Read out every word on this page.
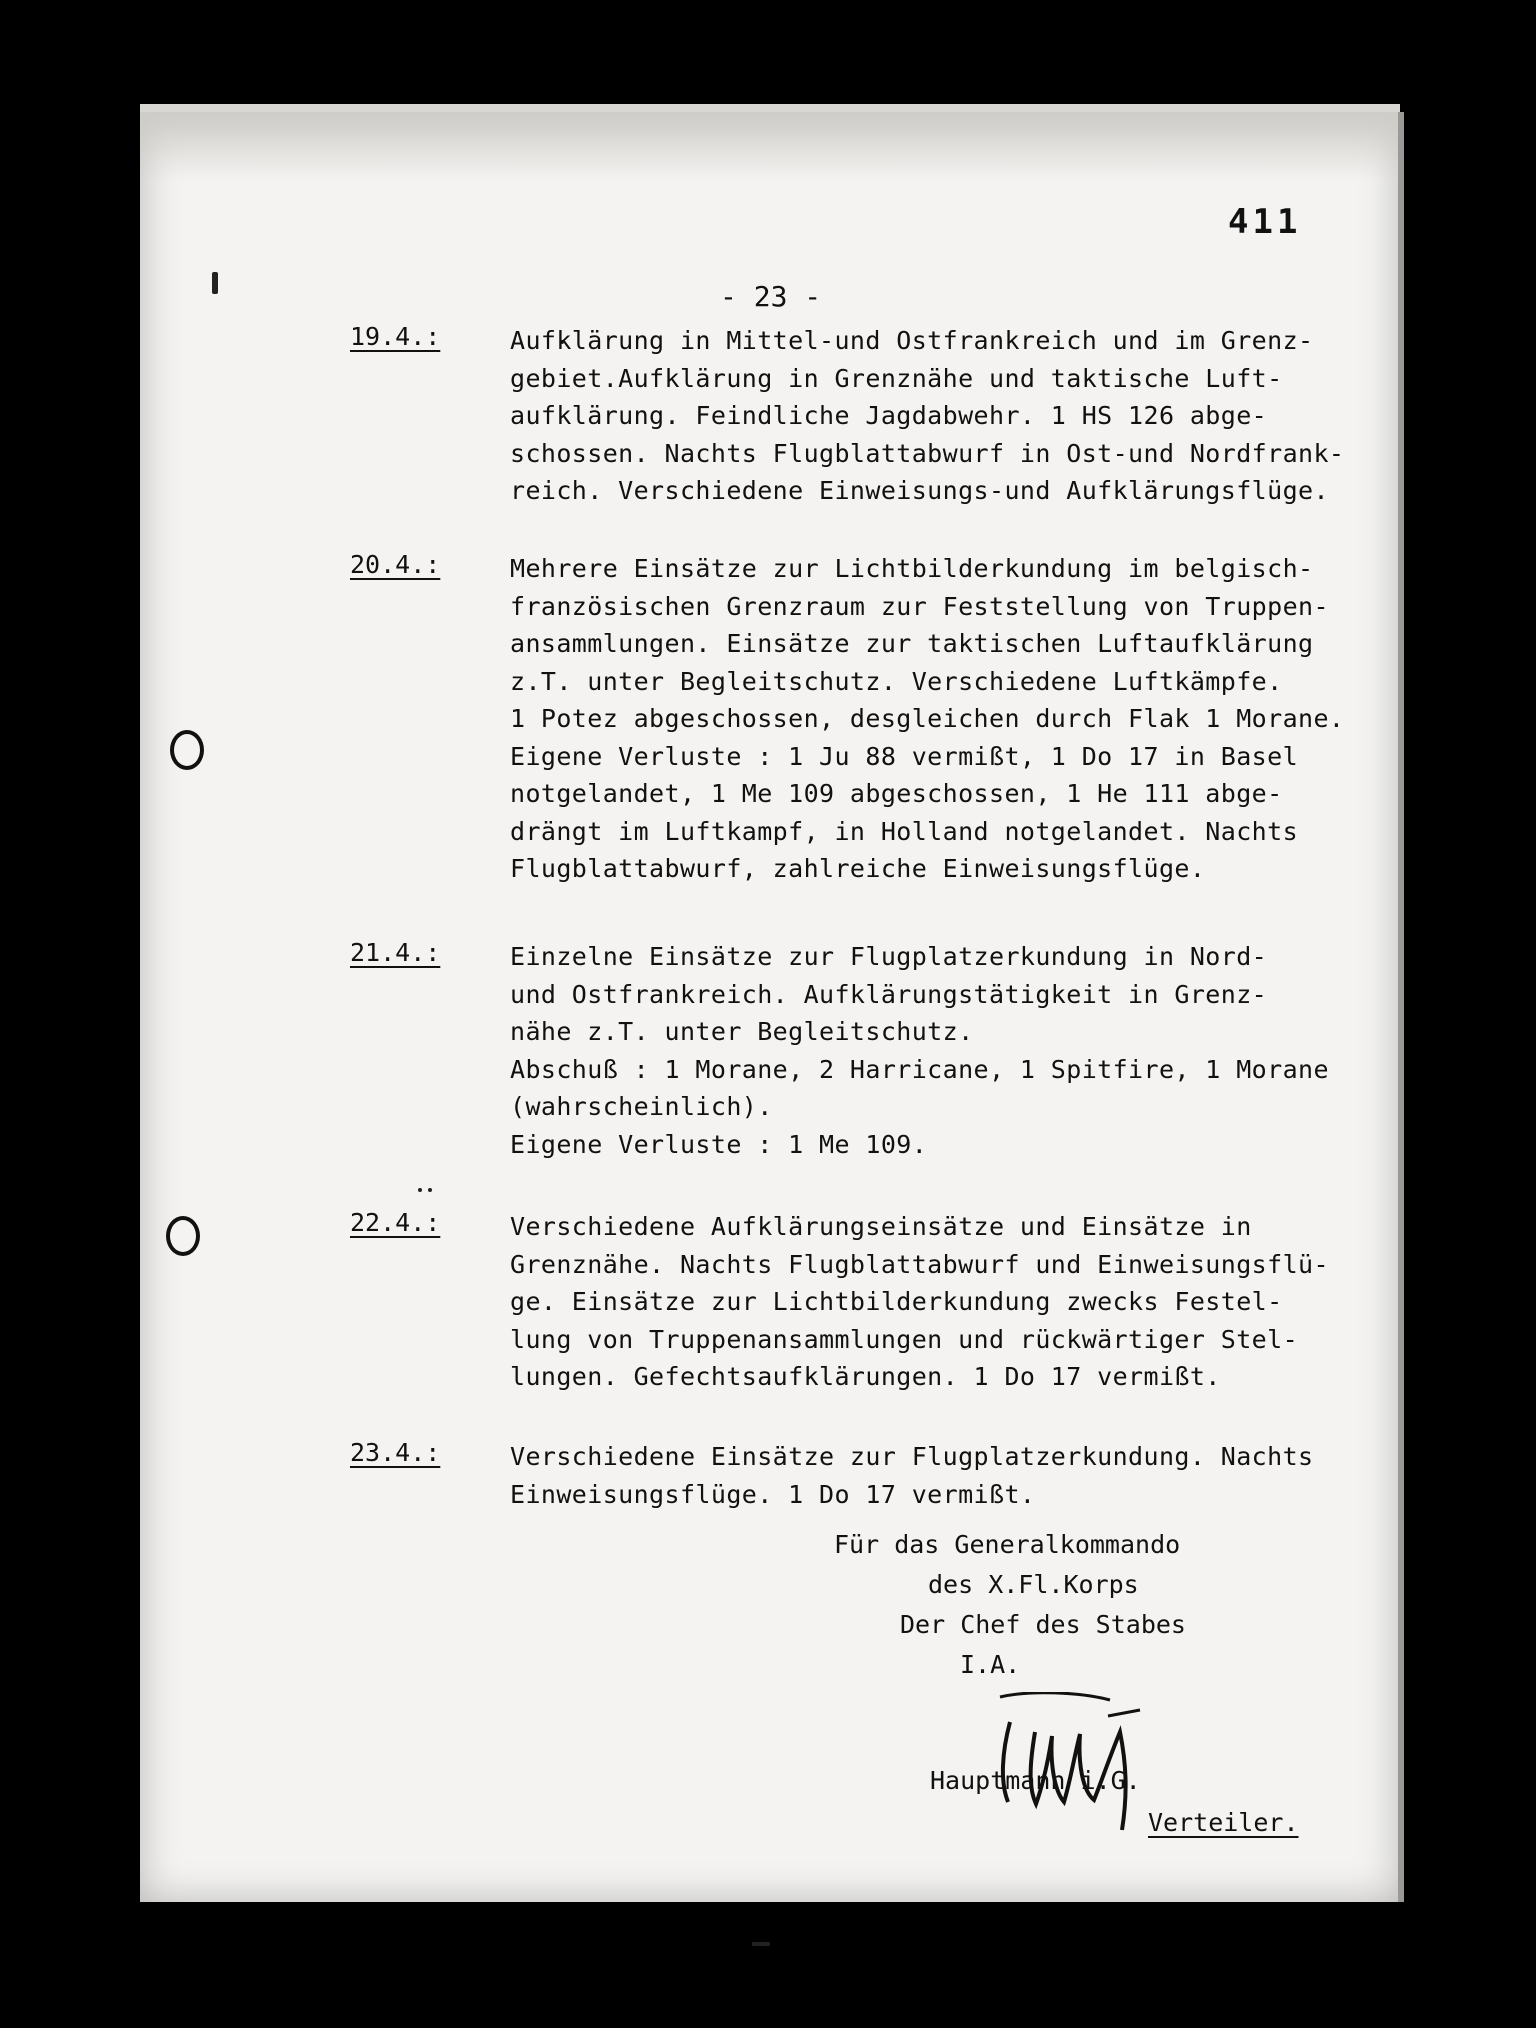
411
- 23 -
19.4.:	Aufklärung in Mittel-und Ostfrankreich und im Grenz-
gebiet.Aufklärung in Grenznähe und taktische Luft-
aufklärung. Feindliche Jagdabwehr. 1 HS 126 abge-
schossen. Nachts Flugblattabwurf in Ost-und Nordfrank-
reich. Verschiedene Einweisungs-und Aufklärungsflüge.
20.4.:	Mehrere Einsätze zur Lichtbilderkundung im belgisch-
französischen Grenzraum zur Feststellung von Truppen-
ansammlungen. Einsätze zur taktischen Luftaufklärung
z.T. unter Begleitschutz. Verschiedene Luftkämpfe.
1 Potez abgeschossen, desgleichen durch Flak 1 Morane.
Eigene Verluste : 1 Ju 88 vermißt, 1 Do 17 in Basel
notgelandet, 1 Me 109 abgeschossen, 1 He 111 abge-
drängt im Luftkampf, in Holland notgelandet. Nachts
Flugblattabwurf, zahlreiche Einweisungsflüge.
21.4.:	Einzelne Einsätze zur Flugplatzerkundung in Nord-
und Ostfrankreich. Aufklärungstätigkeit in Grenz-
nähe z.T. unter Begleitschutz.
Abschuß : 1 Morane, 2 Harricane, 1 Spitfire, 1 Morane
(wahrscheinlich).
Eigene Verluste : 1 Me 109.
22.4.:	Verschiedene Aufklärungseinsätze und Einsätze in
Grenznähe. Nachts Flugblattabwurf und Einweisungsflü-
ge. Einsätze zur Lichtbilderkundung zwecks Festel-
lung von Truppenansammlungen und rückwärtiger Stel-
lungen. Gefechtsaufklärungen. 1 Do 17 vermißt.
23.4.:	Verschiedene Einsätze zur Flugplatzerkundung. Nachts
Einweisungsflüge. 1 Do 17 vermißt.
Für das Generalkommando
des X.Fl.Korps
Der Chef des Stabes
I.A.
Hauptmann i.G.
Verteiler.
